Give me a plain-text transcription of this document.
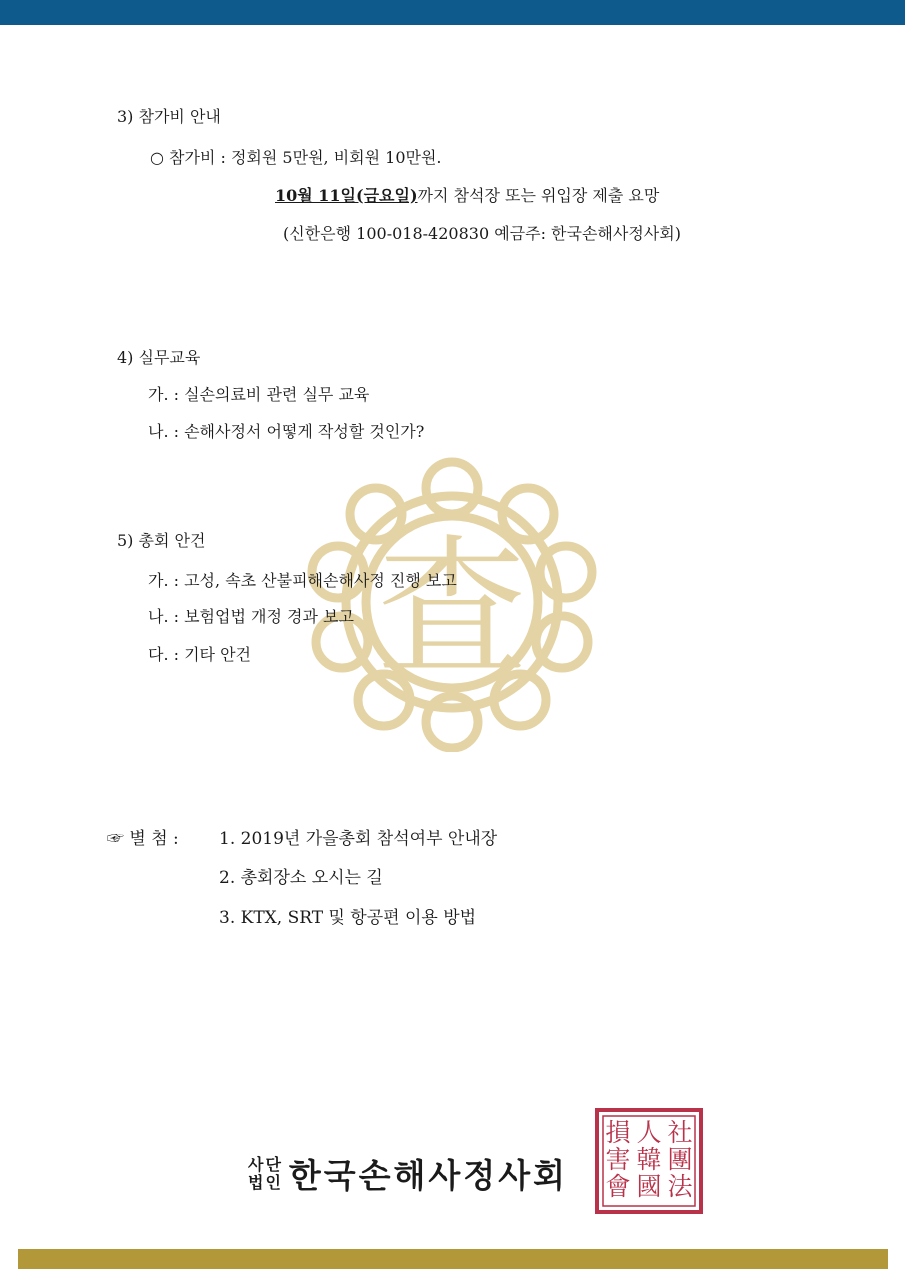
査
3) 참가비 안내
○ 참가비 : 정회원 5만원, 비회원 10만원.
10월 11일(금요일)까지 참석장 또는 위입장 제출 요망
(신한은행 100-018-420830 예금주: 한국손해사정사회)
4) 실무교육
가. : 실손의료비 관련 실무 교육
나. : 손해사정서 어떻게 작성할 것인가?
5) 총회 안건
가. : 고성, 속초 산불피해손해사정 진행 보고
나. : 보험업법 개정 경과 보고
다. : 기타 안건
☞ 별 첨 : 1. 2019년 가을총회 참석여부 안내장
2. 총회장소 오시는 길
3. KTX, SRT 및 항공편 이용 방법
사단
법인 한국손해사정사회
社
團
法
人
韓
國
損
害
會
